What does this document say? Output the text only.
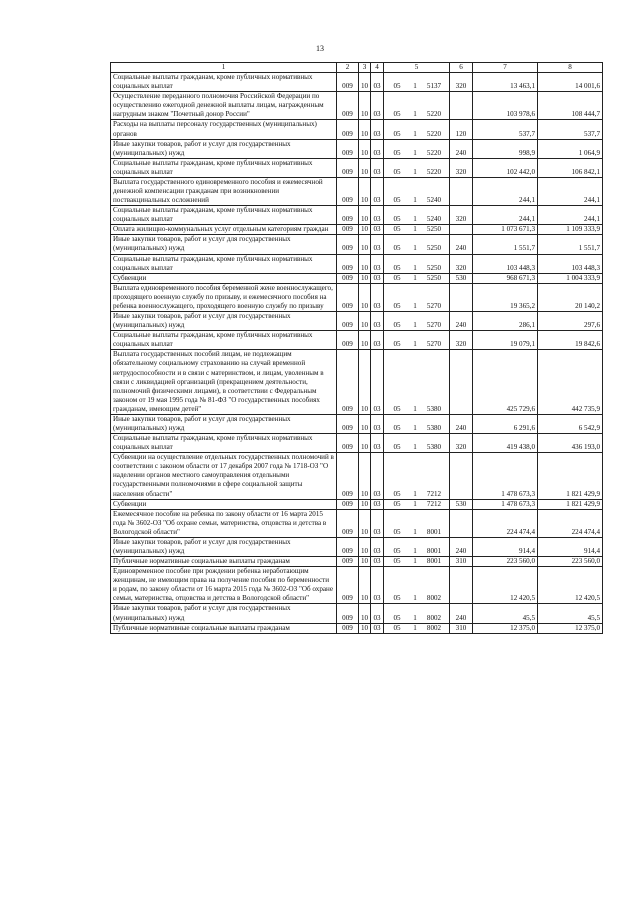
13
1	2	3	4	5	6	7	8
Социальные выплаты гражданам, кроме публичных нормативных социальных выплат	009	10	03	05 1 5137	320	13 463,1	14 001,6
Осуществление переданного полномочия Российской Федерации по осуществлению ежегодной денежной выплаты лицам, награжденным нагрудным знаком "Почетный донор России"	009	10	03	05 1 5220		103 978,6	108 444,7
Расходы на выплаты персоналу государственных (муниципальных) органов	009	10	03	05 1 5220	120	537,7	537,7
Иные закупки товаров, работ и услуг для государственных (муниципальных) нужд	009	10	03	05 1 5220	240	998,9	1 064,9
Социальные выплаты гражданам, кроме публичных нормативных социальных выплат	009	10	03	05 1 5220	320	102 442,0	106 842,1
Выплата государственного единовременного пособия и ежемесячной денежной компенсации гражданам при возникновении поствакцинальных осложнений	009	10	03	05 1 5240		244,1	244,1
Социальные выплаты гражданам, кроме публичных нормативных социальных выплат	009	10	03	05 1 5240	320	244,1	244,1
Оплата жилищно-коммунальных услуг отдельным категориям граждан	009	10	03	05 1 5250		1 073 671,3	1 109 333,9
Иные закупки товаров, работ и услуг для государственных (муниципальных) нужд	009	10	03	05 1 5250	240	1 551,7	1 551,7
Социальные выплаты гражданам, кроме публичных нормативных социальных выплат	009	10	03	05 1 5250	320	103 448,3	103 448,3
Субвенции	009	10	03	05 1 5250	530	968 671,3	1 004 333,9
Выплата единовременного пособия беременной жене военнослужащего, проходящего военную службу по призыву, и ежемесячного пособия на ребенка военнослужащего, проходящего военную службу по призыву	009	10	03	05 1 5270		19 365,2	20 140,2
Иные закупки товаров, работ и услуг для государственных (муниципальных) нужд	009	10	03	05 1 5270	240	286,1	297,6
Социальные выплаты гражданам, кроме публичных нормативных социальных выплат	009	10	03	05 1 5270	320	19 079,1	19 842,6
Выплата государственных пособий лицам, не подлежащим обязательному социальному страхованию на случай временной нетрудоспособности и в связи с материнством, и лицам, уволенным в связи с ликвидацией организаций (прекращением деятельности, полномочий физическими лицами), в соответствии с Федеральным законом от 19 мая 1995 года № 81-ФЗ "О государственных пособиях гражданам, имеющим детей"	009	10	03	05 1 5380		425 729,6	442 735,9
Иные закупки товаров, работ и услуг для государственных (муниципальных) нужд	009	10	03	05 1 5380	240	6 291,6	6 542,9
Социальные выплаты гражданам, кроме публичных нормативных социальных выплат	009	10	03	05 1 5380	320	419 438,0	436 193,0
Субвенции на осуществление отдельных государственных полномочий в соответствии с законом области от 17 декабря 2007 года № 1718-ОЗ "О наделении органов местного самоуправления отдельными государственными полномочиями в сфере социальной защиты населения области"	009	10	03	05 1 7212		1 478 673,3	1 821 429,9
Субвенции	009	10	03	05 1 7212	530	1 478 673,3	1 821 429,9
Ежемесячное пособие на ребенка по закону области от 16 марта 2015 года № 3602-ОЗ "Об охране семьи, материнства, отцовства и детства в Вологодской области"	009	10	03	05 1 8001		224 474,4	224 474,4
Иные закупки товаров, работ и услуг для государственных (муниципальных) нужд	009	10	03	05 1 8001	240	914,4	914,4
Публичные нормативные социальные выплаты гражданам	009	10	03	05 1 8001	310	223 560,0	223 560,0
Единовременное пособие при рождении ребенка неработающим женщинам, не имеющим права на получение пособия по беременности и родам, по закону области от 16 марта 2015 года № 3602-ОЗ "Об охране семьи, материнства, отцовства и детства в Вологодской области"	009	10	03	05 1 8002		12 420,5	12 420,5
Иные закупки товаров, работ и услуг для государственных (муниципальных) нужд	009	10	03	05 1 8002	240	45,5	45,5
Публичные нормативные социальные выплаты гражданам	009	10	03	05 1 8002	310	12 375,0	12 375,0
